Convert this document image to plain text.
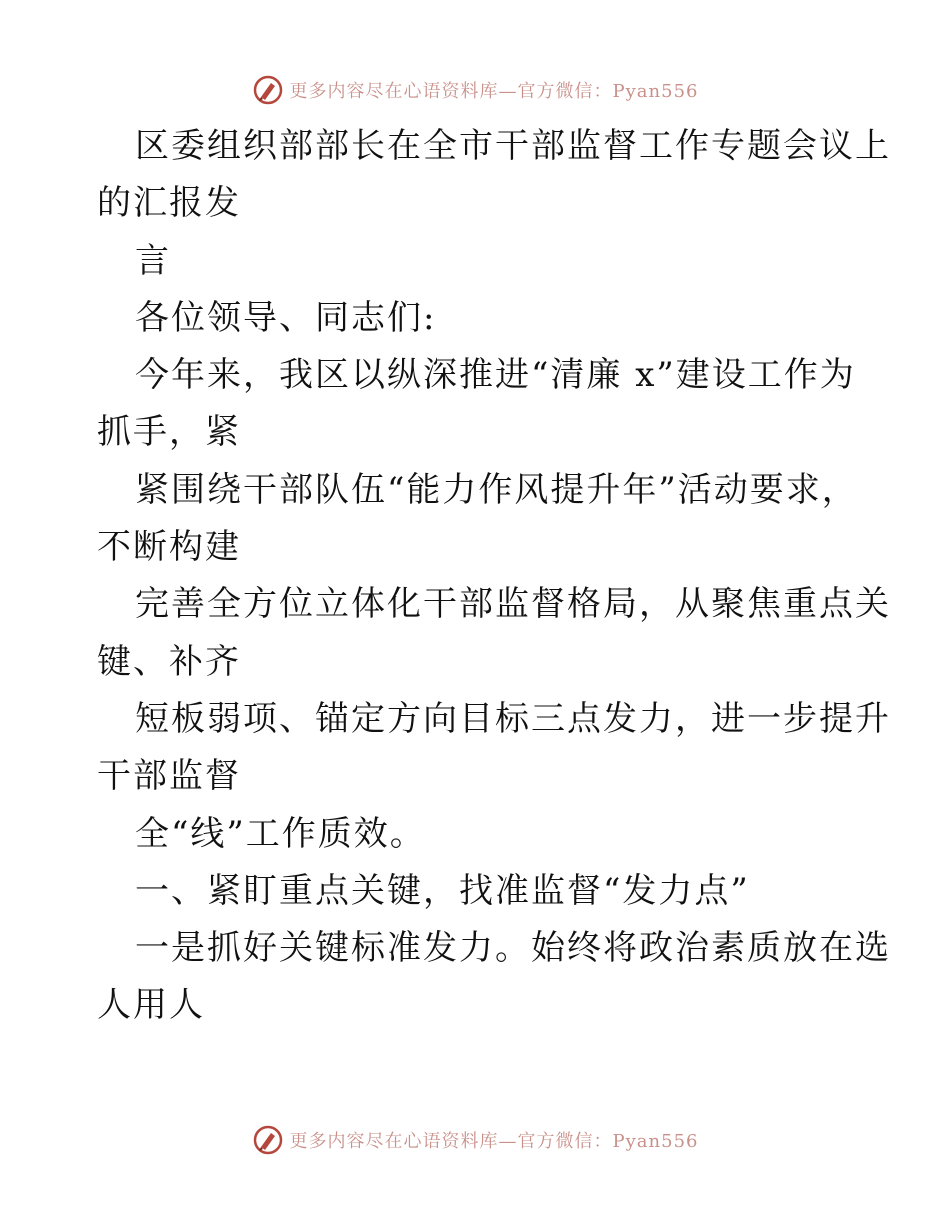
更多内容尽在心语资料库—官方微信：Pyan556
区委组织部部长在全市干部监督工作专题会议上
的汇报发
言
各位领导、同志们:
今年来，我区以纵深推进“清廉 x”建设工作为
抓手，紧
紧围绕干部队伍“能力作风提升年”活动要求，
不断构建
完善全方位立体化干部监督格局，从聚焦重点关
键、补齐
短板弱项、锚定方向目标三点发力，进一步提升
干部监督
全“线”工作质效。
一、紧盯重点关键，找准监督“发力点”
一是抓好关键标准发力。始终将政治素质放在选
人用人
更多内容尽在心语资料库—官方微信：Pyan556
